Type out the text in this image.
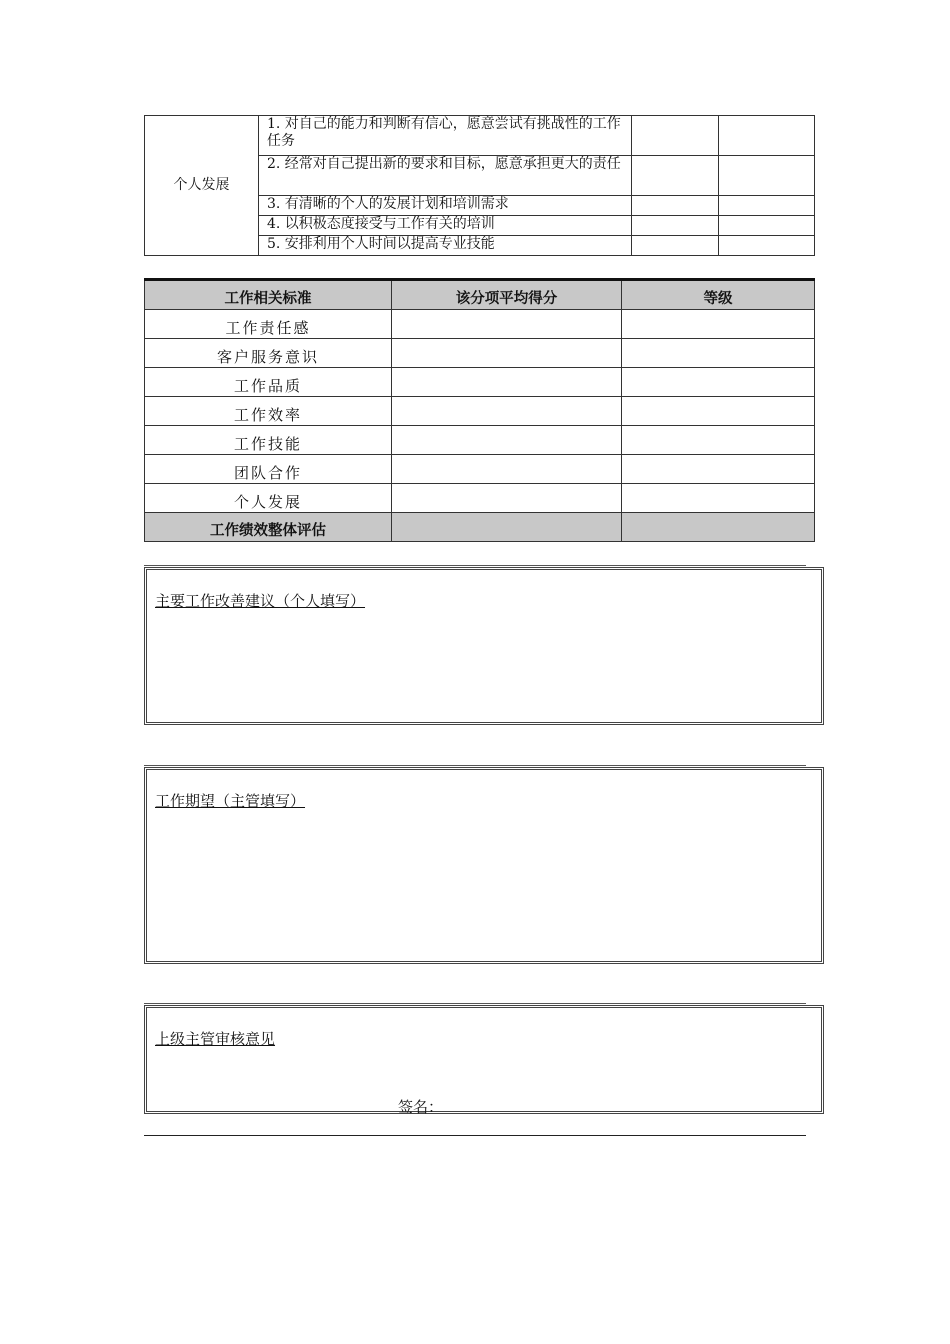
个人发展	1. 对自己的能力和判断有信心，愿意尝试有挑战性的工作任务		
	2. 经常对自己提出新的要求和目标，愿意承担更大的责任		
	3. 有清晰的个人的发展计划和培训需求		
	4. 以积极态度接受与工作有关的培训		
	5. 安排利用个人时间以提高专业技能		
工作相关标准	该分项平均得分	等级
工作责任感		
客户服务意识		
工作品质		
工作效率		
工作技能		
团队合作		
个人发展		
工作绩效整体评估		
主要工作改善建议（个人填写）
工作期望（主管填写）
上级主管审核意见
签名：
